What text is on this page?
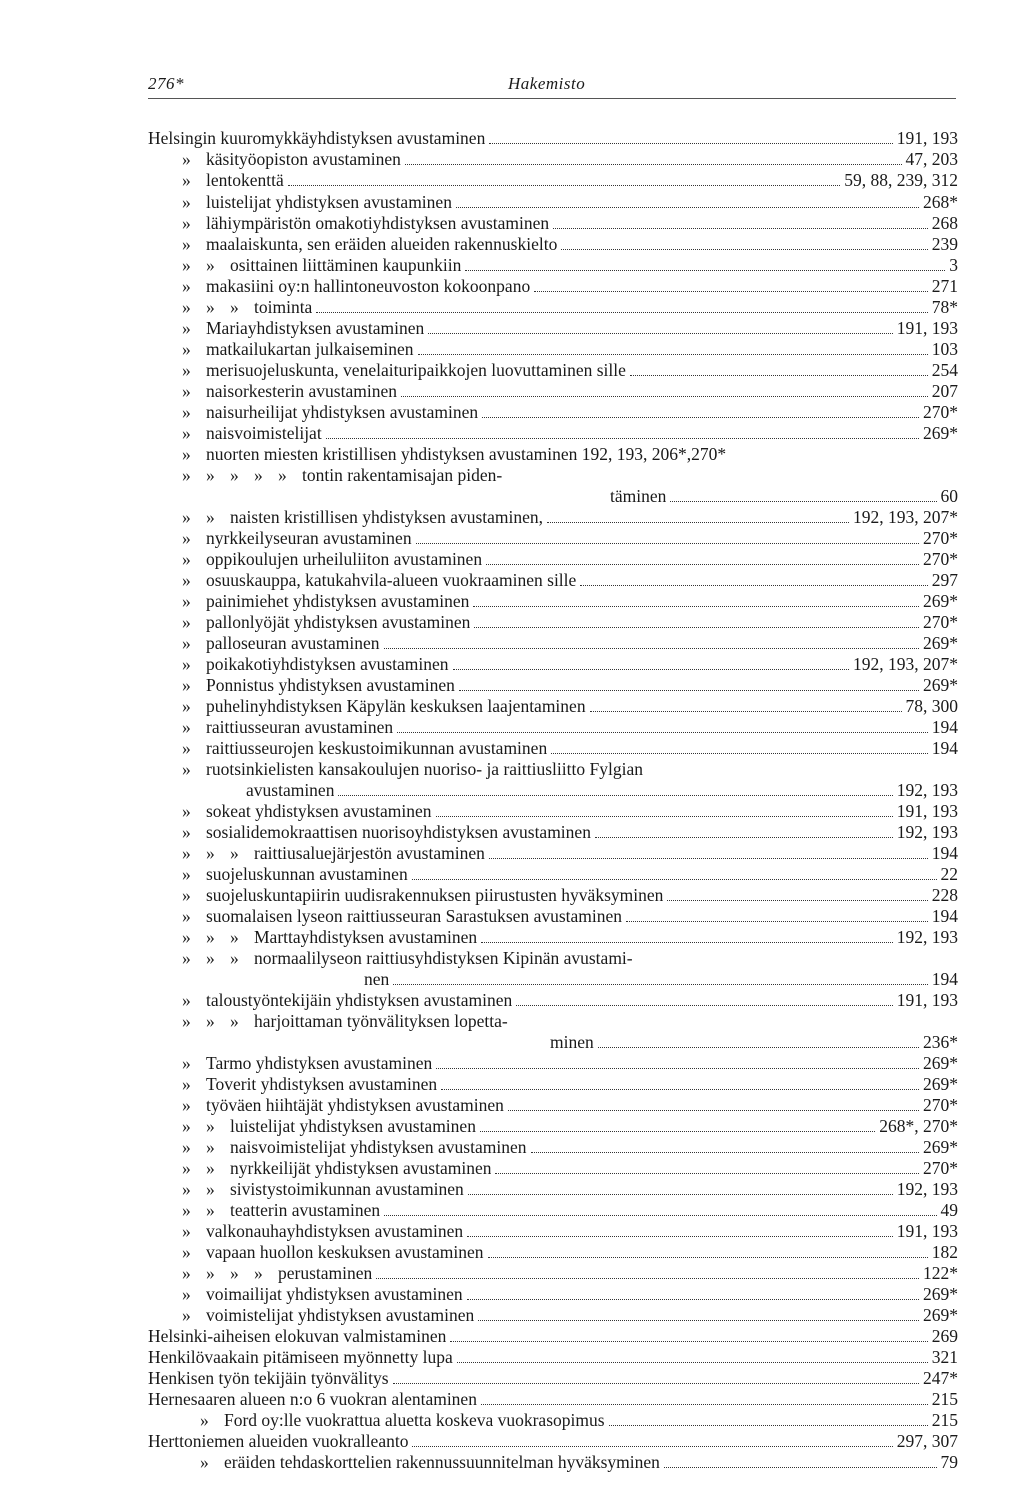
276*	Hakemisto
Helsingin kuuromykkäyhdistyksen avustaminen	191, 193
» käsityöopiston avustaminen	47, 203
» lentokenttä	59, 88, 239, 312
» luistelijat yhdistyksen avustaminen	268*
» lähiympäristön omakotiyhdistyksen avustaminen	268
» maalaiskunta, sen eräiden alueiden rakennuskielto	239
» » osittainen liittäminen kaupunkiin	3
» makasiini oy:n hallintoneuvoston kokoonpano	271
» » » toiminta	78*
» Mariayhdistyksen avustaminen	191, 193
» matkailukartan julkaiseminen	103
» merisuojeluskunta, venelaituripaikkojen luovuttaminen sille	254
» naisorkesterin avustaminen	207
» naisurheilijat yhdistyksen avustaminen	270*
» naisvoimistelijat	269*
» nuorten miesten kristillisen yhdistyksen avustaminen 192, 193, 206*, 270*
» » » » » tontin rakentamisajan piden-
täminen	60
» » naisten kristillisen yhdistyksen avustaminen,	192, 193, 207*
» nyrkkeilyseuran avustaminen	270*
» oppikoulujen urheiluliiton avustaminen	270*
» osuuskauppa, katukahvila-alueen vuokraaminen sille	297
» painimiehet yhdistyksen avustaminen	269*
» pallonlyöjät yhdistyksen avustaminen	270*
» palloseuran avustaminen	269*
» poikakotiyhdistyksen avustaminen	192, 193, 207*
» Ponnistus yhdistyksen avustaminen	269*
» puhelinyhdistyksen Käpylän keskuksen laajentaminen	78, 300
» raittiusseuran avustaminen	194
» raittiusseurojen keskustoimikunnan avustaminen	194
» ruotsinkielisten kansakoulujen nuoriso- ja raittiusliitto Fylgian
avustaminen	192, 193
» sokeat yhdistyksen avustaminen	191, 193
» sosialidemokraattisen nuorisoyhdistyksen avustaminen	192, 193
» » » raittiusaluejärjestön avustaminen	194
» suojeluskunnan avustaminen	22
» suojeluskuntapiirin uudisrakennuksen piirustusten hyväksyminen	228
» suomalaisen lyseon raittiusseuran Sarastuksen avustaminen	194
» » » Marttayhdistyksen avustaminen	192, 193
» » » normaalilyseon raittiusyhdistyksen Kipinän avustami-
nen	194
» taloustyöntekijäin yhdistyksen avustaminen	191, 193
» » » harjoittaman työnvälityksen lopetta-
minen	236*
» Tarmo yhdistyksen avustaminen	269*
» Toverit yhdistyksen avustaminen	269*
» työväen hiihtäjät yhdistyksen avustaminen	270*
» » luistelijat yhdistyksen avustaminen	268*, 270*
» » naisvoimistelijat yhdistyksen avustaminen	269*
» » nyrkkeilijät yhdistyksen avustaminen	270*
» » sivistystoimikunnan avustaminen	192, 193
» » teatterin avustaminen	49
» valkonauhayhdistyksen avustaminen	191, 193
» vapaan huollon keskuksen avustaminen	182
» » » » perustaminen	122*
» voimailijat yhdistyksen avustaminen	269*
» voimistelijat yhdistyksen avustaminen	269*
Helsinki-aiheisen elokuvan valmistaminen	269
Henkilövaakain pitämiseen myönnetty lupa	321
Henkisen työn tekijäin työnvälitys	247*
Hernesaaren alueen n:o 6 vuokran alentaminen	215
» Ford oy:lle vuokrattua aluetta koskeva vuokrasopimus	215
Herttoniemen alueiden vuokralleanto	297, 307
» eräiden tehdaskorttelien rakennussuunnitelman hyväksyminen	79
